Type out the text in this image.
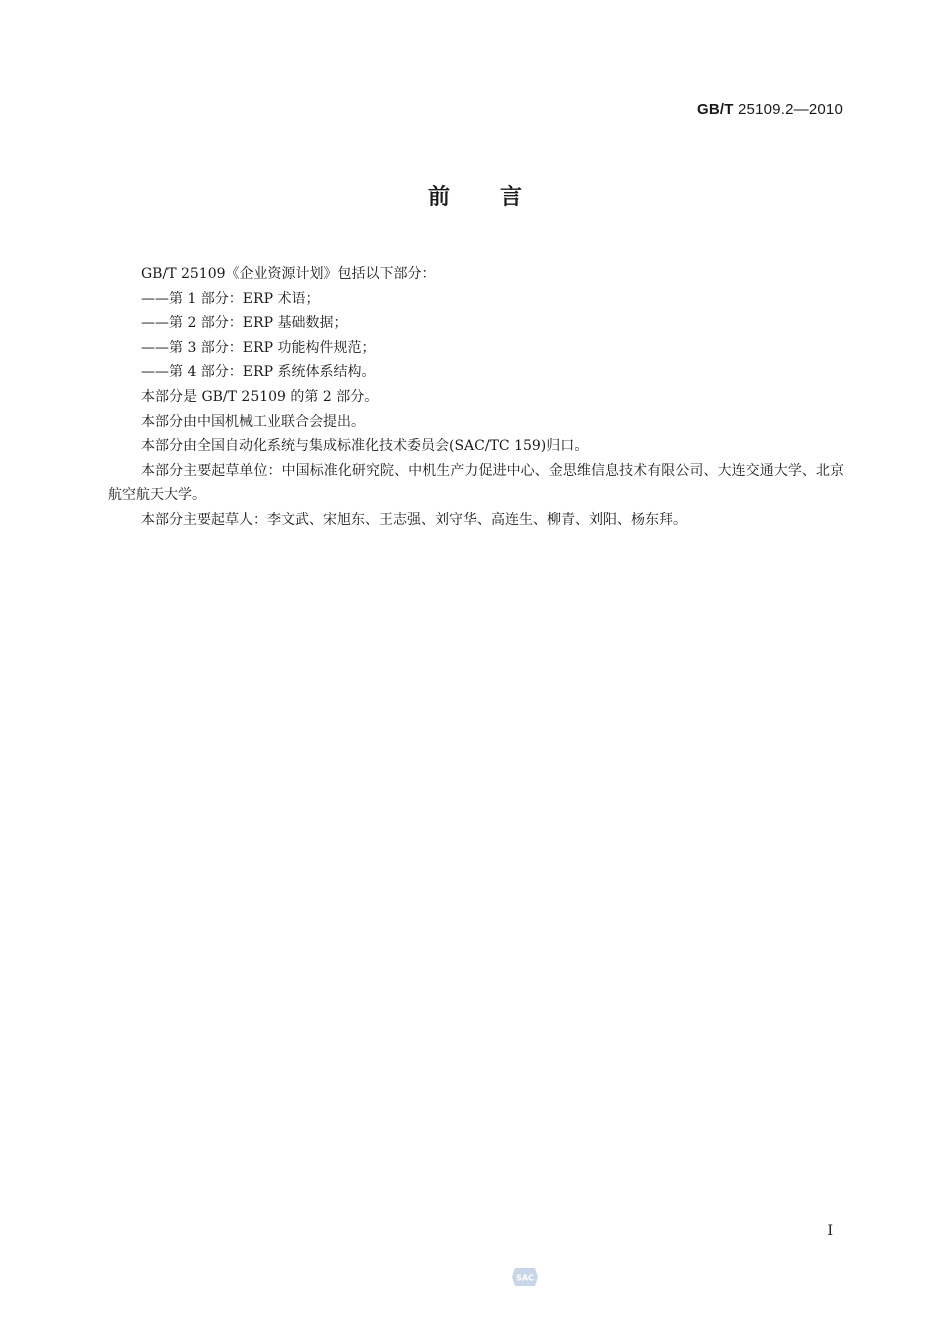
GB/T 25109.2—2010
前言

GB/T 25109《企业资源计划》包括以下部分：

——第 1 部分：ERP 术语；

——第 2 部分：ERP 基础数据；

——第 3 部分：ERP 功能构件规范；

——第 4 部分：ERP 系统体系结构。

本部分是 GB/T 25109 的第 2 部分。

本部分由中国机械工业联合会提出。

本部分由全国自动化系统与集成标准化技术委员会(SAC/TC 159)归口。

本部分主要起草单位：中国标准化研究院、中机生产力促进中心、金思维信息技术有限公司、大连交通大学、北京航空航天大学。

本部分主要起草人：李文武、宋旭东、王志强、刘守华、高连生、柳青、刘阳、杨东拜。

I
SAC
